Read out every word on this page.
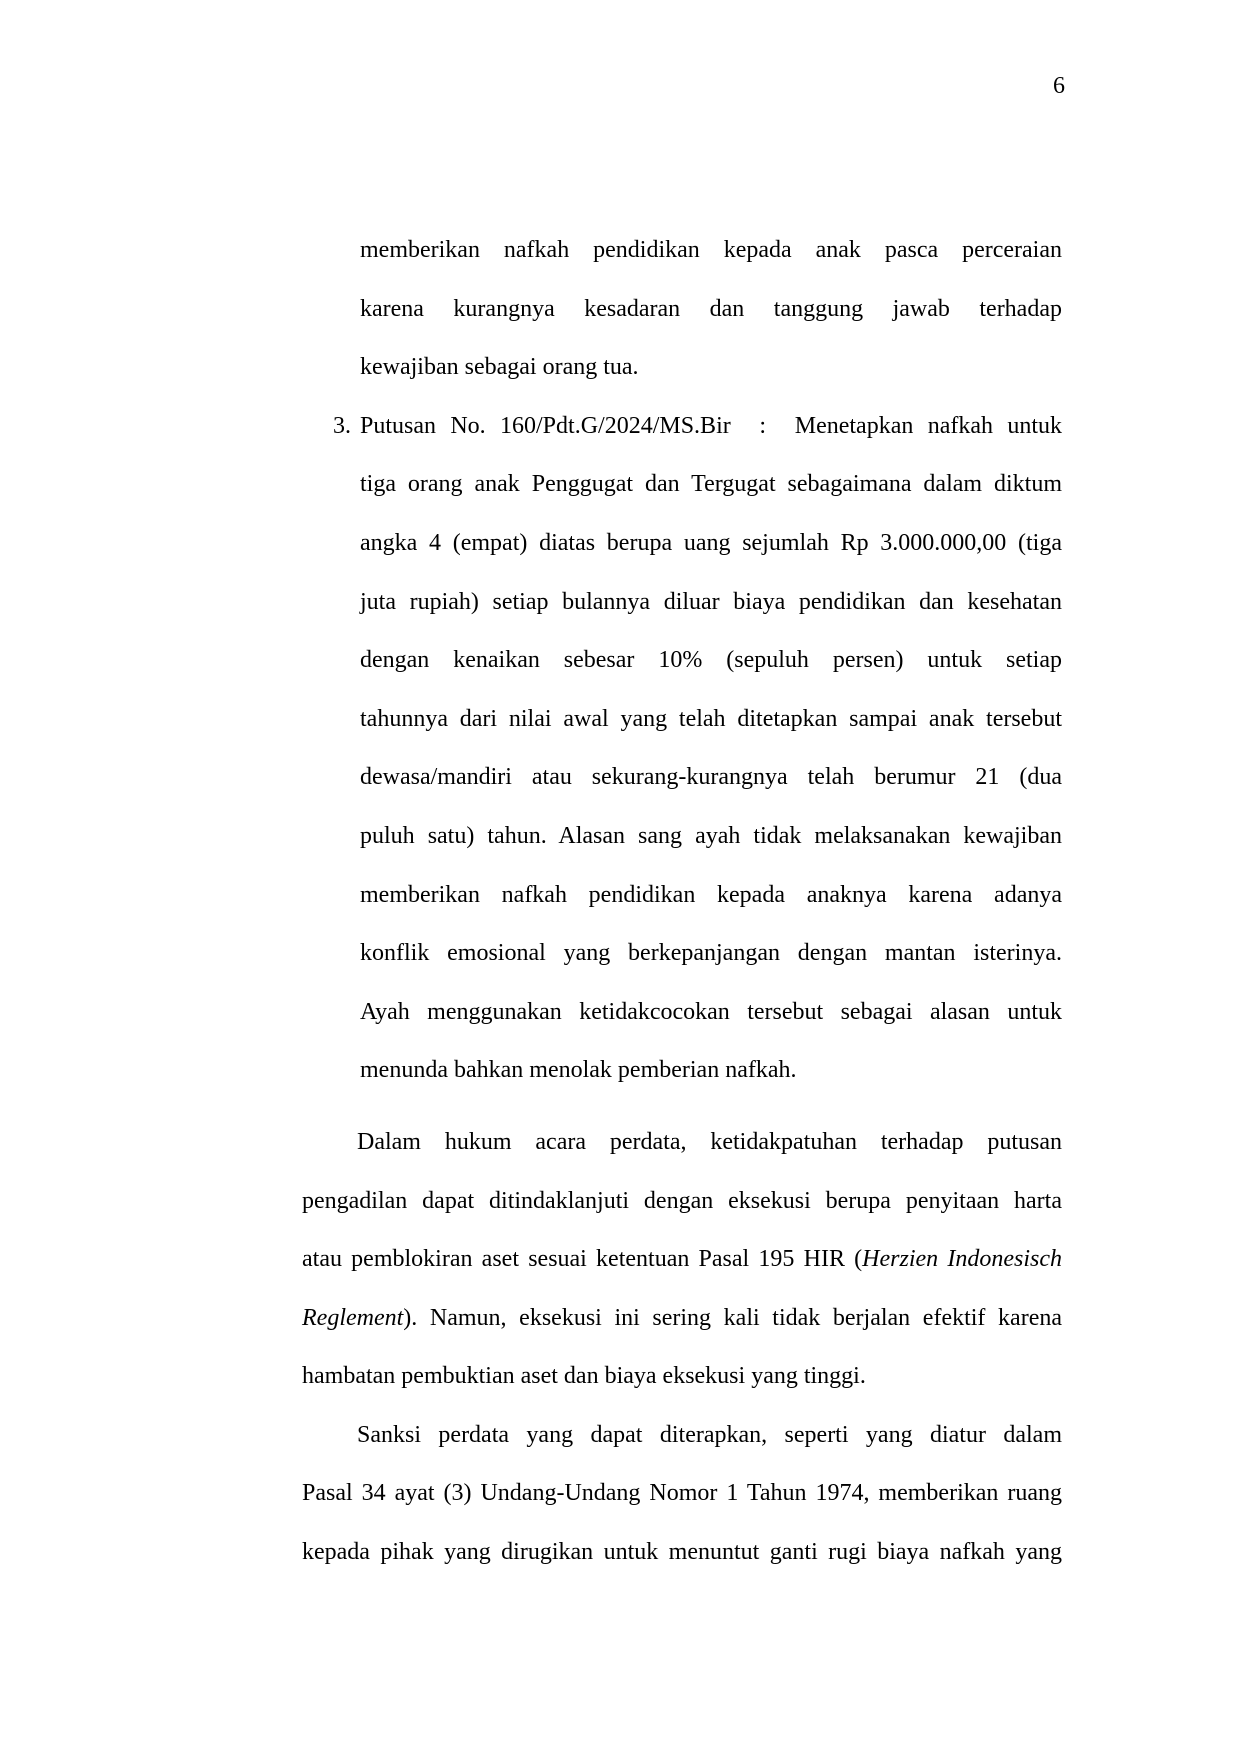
6
memberikan nafkah pendidikan kepada anak pasca perceraian
karena kurangnya kesadaran dan tanggung jawab terhadap
kewajiban sebagai orang tua.
3. Putusan No. 160/Pdt.G/2024/MS.Bir  :  Menetapkan nafkah untuk
tiga orang anak Penggugat dan Tergugat sebagaimana dalam diktum
angka 4 (empat) diatas berupa uang sejumlah Rp 3.000.000,00 (tiga
juta rupiah) setiap bulannya diluar biaya pendidikan dan kesehatan
dengan kenaikan sebesar 10% (sepuluh persen) untuk setiap
tahunnya dari nilai awal yang telah ditetapkan sampai anak tersebut
dewasa/mandiri atau sekurang-kurangnya telah berumur 21 (dua
puluh satu) tahun. Alasan sang ayah tidak melaksanakan kewajiban
memberikan nafkah pendidikan kepada anaknya karena adanya
konflik emosional yang berkepanjangan dengan mantan isterinya.
Ayah menggunakan ketidakcocokan tersebut sebagai alasan untuk
menunda bahkan menolak pemberian nafkah.
Dalam hukum acara perdata, ketidakpatuhan terhadap putusan
pengadilan dapat ditindaklanjuti dengan eksekusi berupa penyitaan harta
atau pemblokiran aset sesuai ketentuan Pasal 195 HIR (Herzien Indonesisch
Reglement). Namun, eksekusi ini sering kali tidak berjalan efektif karena
hambatan pembuktian aset dan biaya eksekusi yang tinggi.
Sanksi perdata yang dapat diterapkan, seperti yang diatur dalam
Pasal 34 ayat (3) Undang-Undang Nomor 1 Tahun 1974, memberikan ruang
kepada pihak yang dirugikan untuk menuntut ganti rugi biaya nafkah yang
